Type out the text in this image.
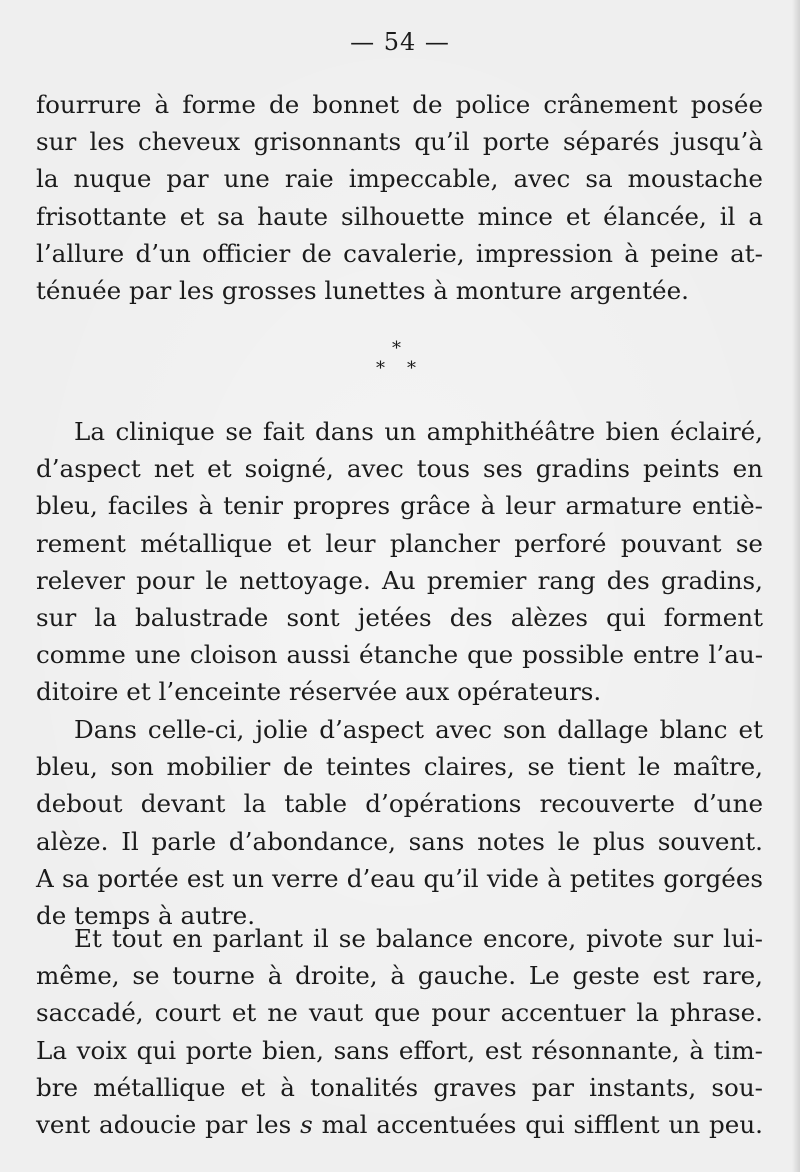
— 54 —
fourrure à forme de bonnet de police crânement posée
sur les cheveux grisonnants qu’il porte séparés jusqu’à
la nuque par une raie impeccable, avec sa moustache
frisottante et sa haute silhouette mince et élancée, il a
l’allure d’un officier de cavalerie, impression à peine at-
ténuée par les grosses lunettes à monture argentée.
*
* *
La clinique se fait dans un amphithéâtre bien éclairé,
d’aspect net et soigné, avec tous ses gradins peints en
bleu, faciles à tenir propres grâce à leur armature entiè-
rement métallique et leur plancher perforé pouvant se
relever pour le nettoyage. Au premier rang des gradins,
sur la balustrade sont jetées des alèzes qui forment
comme une cloison aussi étanche que possible entre l’au-
ditoire et l’enceinte réservée aux opérateurs.
Dans celle-ci, jolie d’aspect avec son dallage blanc et
bleu, son mobilier de teintes claires, se tient le maître,
debout devant la table d’opérations recouverte d’une
alèze. Il parle d’abondance, sans notes le plus souvent.
A sa portée est un verre d’eau qu’il vide à petites gorgées
de temps à autre.
Et tout en parlant il se balance encore, pivote sur lui-
même, se tourne à droite, à gauche. Le geste est rare,
saccadé, court et ne vaut que pour accentuer la phrase.
La voix qui porte bien, sans effort, est résonnante, à tim-
bre métallique et à tonalités graves par instants, sou-
vent adoucie par les s mal accentuées qui sifflent un peu.
